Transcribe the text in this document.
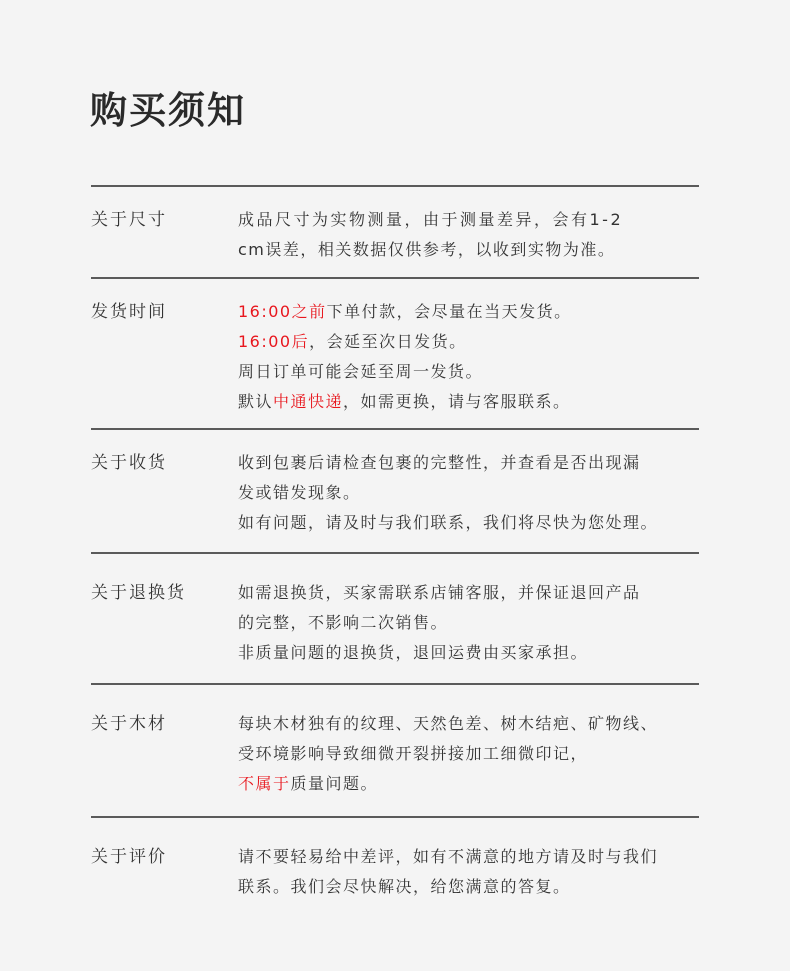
购买须知
关于尺寸	成品尺寸为实物测量，由于测量差异，会有1-2
cm误差，相关数据仅供参考，以收到实物为准。
发货时间	16:00之前下单付款，会尽量在当天发货。
16:00后，会延至次日发货。
周日订单可能会延至周一发货。
默认中通快递，如需更换，请与客服联系。
关于收货	收到包裹后请检查包裹的完整性，并查看是否出现漏
发或错发现象。
如有问题，请及时与我们联系，我们将尽快为您处理。
关于退换货	如需退换货，买家需联系店铺客服，并保证退回产品
的完整，不影响二次销售。
非质量问题的退换货，退回运费由买家承担。
关于木材	每块木材独有的纹理、天然色差、树木结疤、矿物线、
受环境影响导致细微开裂拼接加工细微印记，
不属于质量问题。
关于评价	请不要轻易给中差评，如有不满意的地方请及时与我们
联系。我们会尽快解决，给您满意的答复。
